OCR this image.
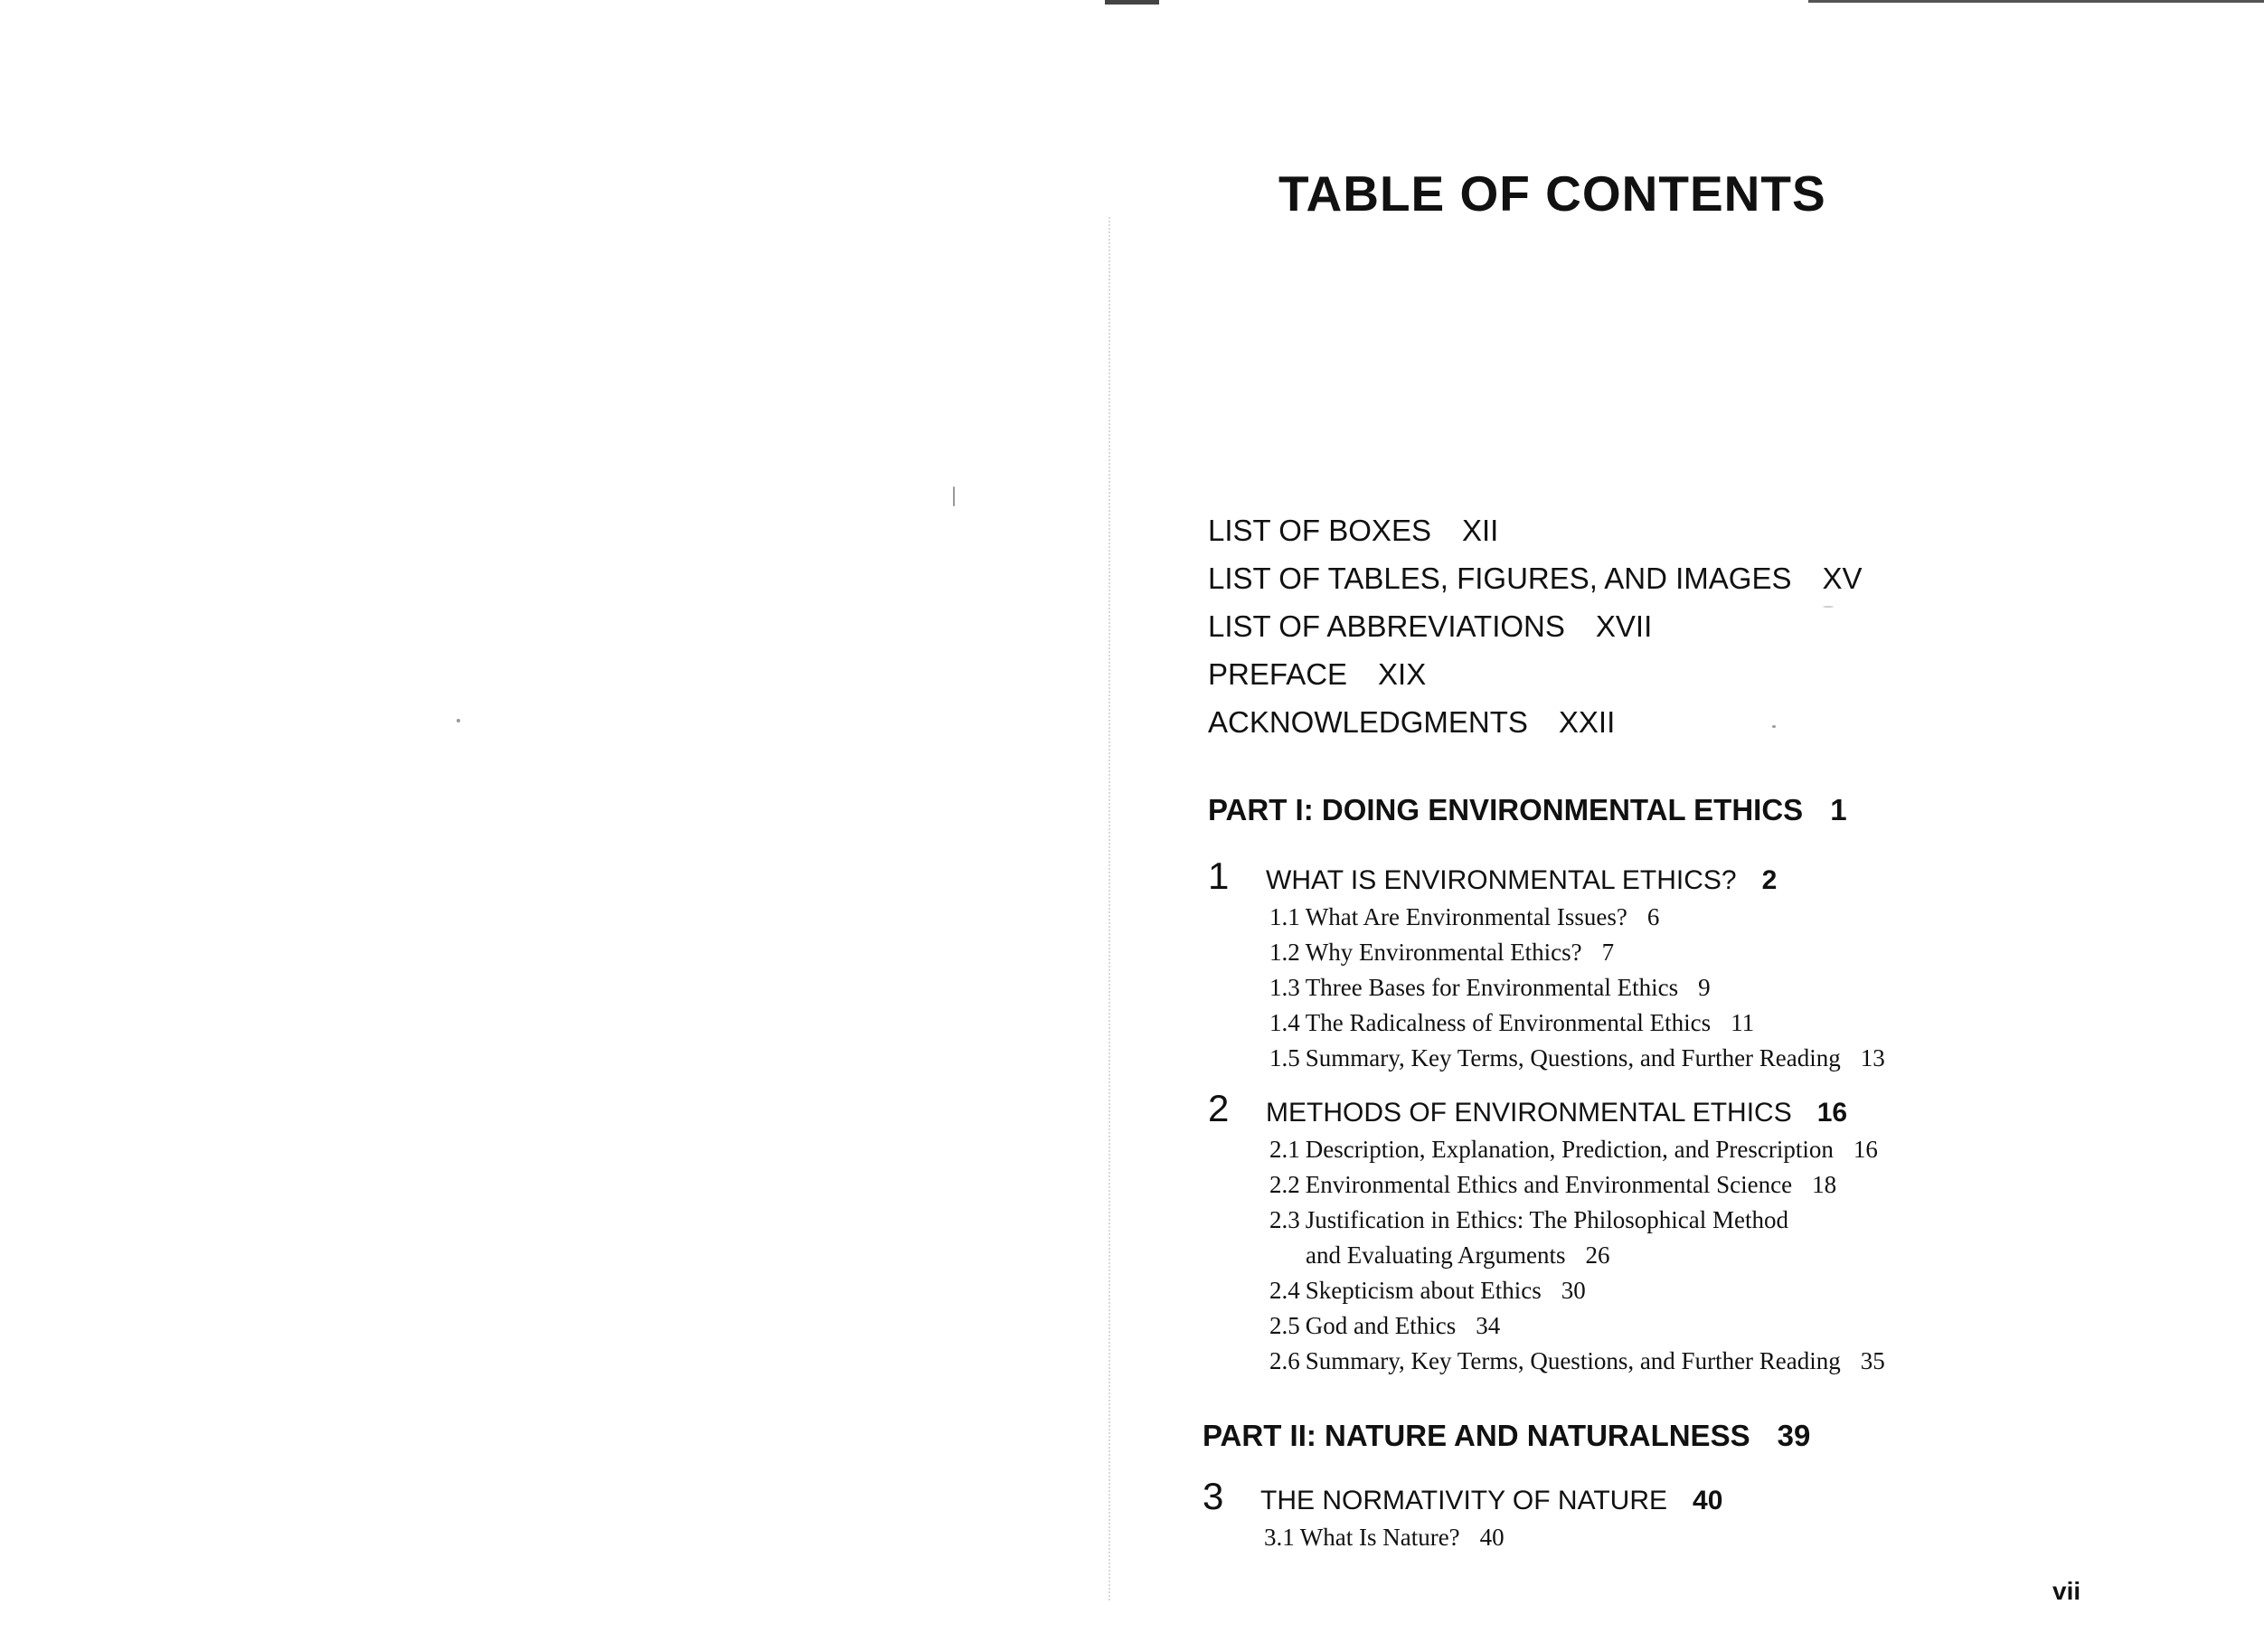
TABLE OF CONTENTS
LIST OF BOXES XII
LIST OF TABLES, FIGURES, AND IMAGES XV
LIST OF ABBREVIATIONS XVII
PREFACE XIX
ACKNOWLEDGMENTS XXII
PART I: DOING ENVIRONMENTAL ETHICS 1
1	WHAT IS ENVIRONMENTAL ETHICS? 2
1.1 What Are Environmental Issues? 6
1.2 Why Environmental Ethics? 7
1.3 Three Bases for Environmental Ethics 9
1.4 The Radicalness of Environmental Ethics 11
1.5 Summary, Key Terms, Questions, and Further Reading 13
2	METHODS OF ENVIRONMENTAL ETHICS 16
2.1 Description, Explanation, Prediction, and Prescription 16
2.2 Environmental Ethics and Environmental Science 18
2.3 Justification in Ethics: The Philosophical Method
and Evaluating Arguments 26
2.4 Skepticism about Ethics 30
2.5 God and Ethics 34
2.6 Summary, Key Terms, Questions, and Further Reading 35
PART II: NATURE AND NATURALNESS 39
3	THE NORMATIVITY OF NATURE 40
3.1 What Is Nature? 40
vii
